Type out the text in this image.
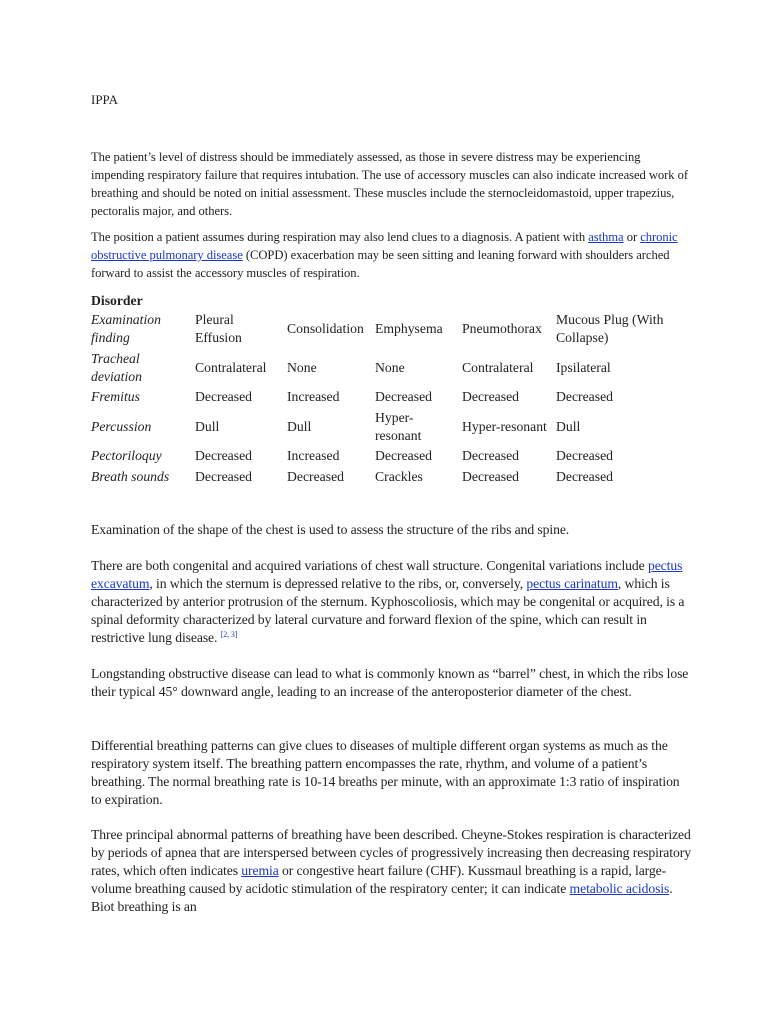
IPPA

The patient’s level of distress should be immediately assessed, as those in severe distress may be experiencing impending respiratory failure that requires intubation. The use of accessory muscles can also indicate increased work of breathing and should be noted on initial assessment. These muscles include the sternocleidomastoid, upper trapezius, pectoralis major, and others.

The position a patient assumes during respiration may also lend clues to a diagnosis. A patient with asthma or chronic obstructive pulmonary disease (COPD) exacerbation may be seen sitting and leaning forward with shoulders arched forward to assist the accessory muscles of respiration.

Disorder					
Examination finding	Pleural Effusion	Consolidation	Emphysema	Pneumothorax	Mucous Plug (With Collapse)
Tracheal deviation	Contralateral	None	None	Contralateral	Ipsilateral
Fremitus	Decreased	Increased	Decreased	Decreased	Decreased
Percussion	Dull	Dull	Hyper-resonant	Hyper-resonant	Dull
Pectoriloquy	Decreased	Increased	Decreased	Decreased	Decreased
Breath sounds	Decreased	Decreased	Crackles	Decreased	Decreased

Examination of the shape of the chest is used to assess the structure of the ribs and spine.

There are both congenital and acquired variations of chest wall structure. Congenital variations include pectus excavatum, in which the sternum is depressed relative to the ribs, or, conversely, pectus carinatum, which is characterized by anterior protrusion of the sternum. Kyphoscoliosis, which may be congenital or acquired, is a spinal deformity characterized by lateral curvature and forward flexion of the spine, which can result in restrictive lung disease. [2, 3]

Longstanding obstructive disease can lead to what is commonly known as “barrel” chest, in which the ribs lose their typical 45° downward angle, leading to an increase of the anteroposterior diameter of the chest.

Differential breathing patterns can give clues to diseases of multiple different organ systems as much as the respiratory system itself. The breathing pattern encompasses the rate, rhythm, and volume of a patient’s breathing. The normal breathing rate is 10-14 breaths per minute, with an approximate 1:3 ratio of inspiration to expiration.

Three principal abnormal patterns of breathing have been described. Cheyne-Stokes respiration is characterized by periods of apnea that are interspersed between cycles of progressively increasing then decreasing respiratory rates, which often indicates uremia or congestive heart failure (CHF). Kussmaul breathing is a rapid, large-volume breathing caused by acidotic stimulation of the respiratory center; it can indicate metabolic acidosis. Biot breathing is an
